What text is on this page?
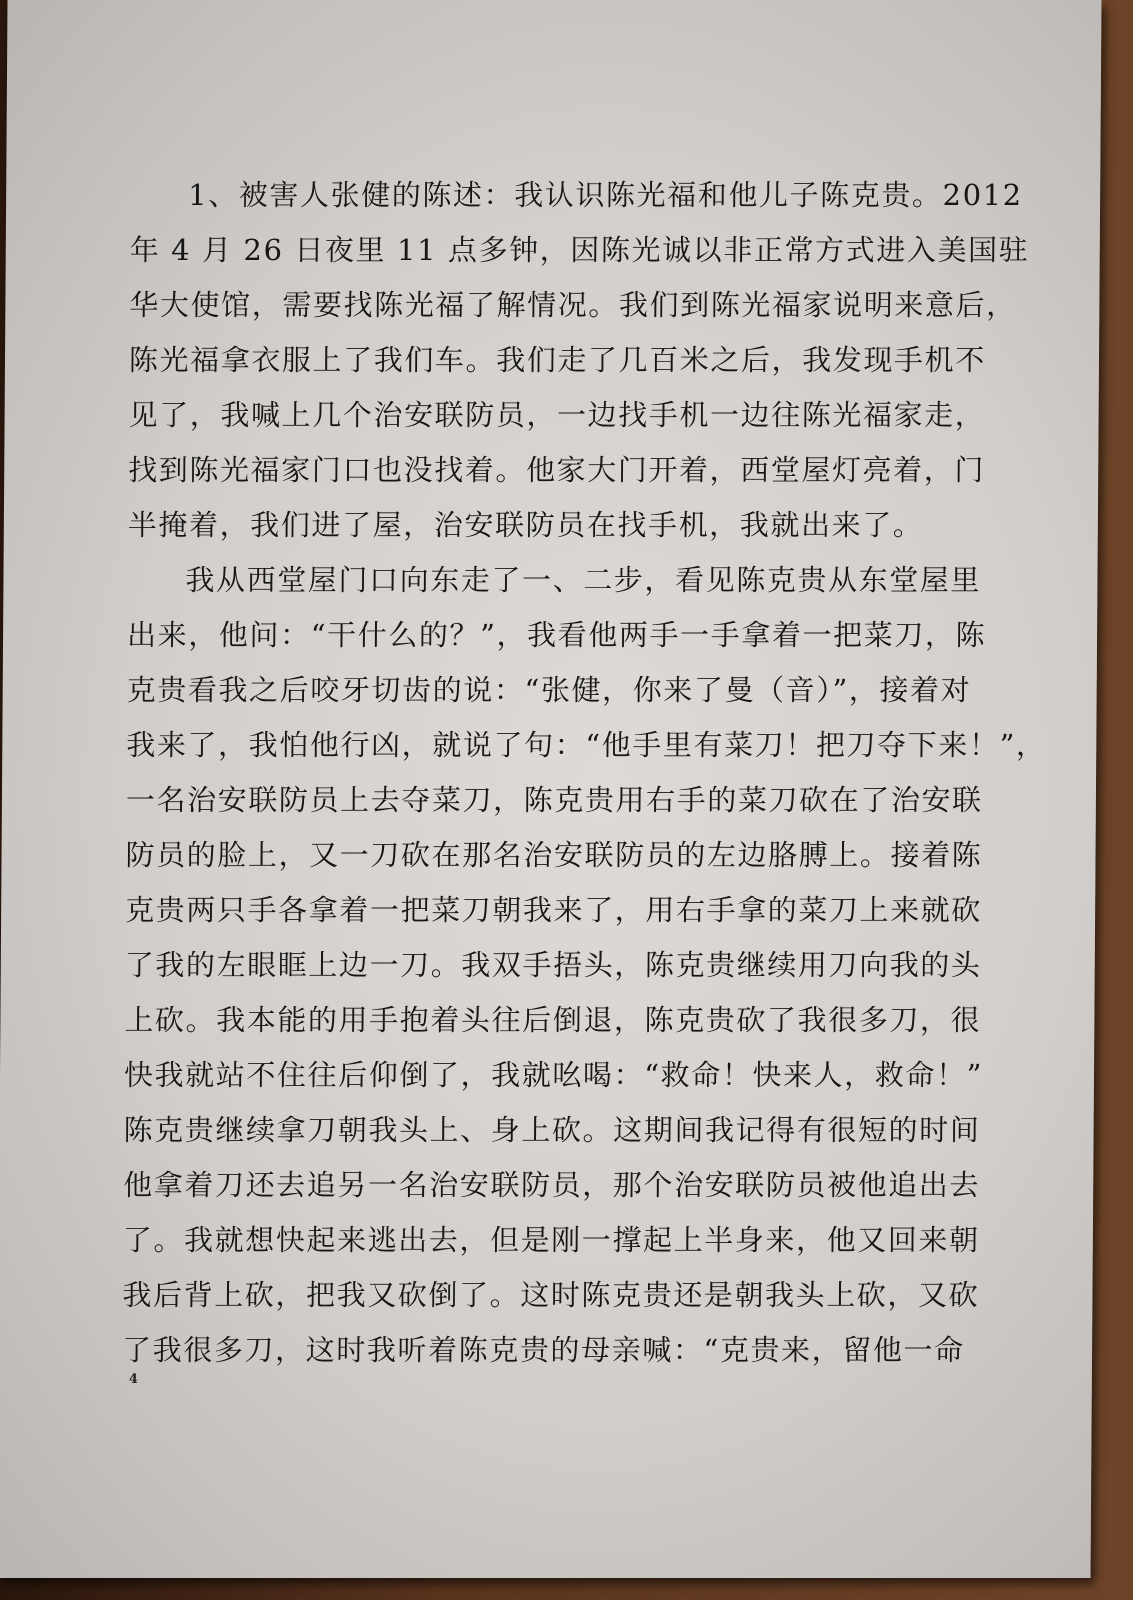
1、被害人张健的陈述：我认识陈光福和他儿子陈克贵。2012
年 4 月 26 日夜里 11 点多钟，因陈光诚以非正常方式进入美国驻
华大使馆，需要找陈光福了解情况。我们到陈光福家说明来意后，
陈光福拿衣服上了我们车。我们走了几百米之后，我发现手机不
见了，我喊上几个治安联防员，一边找手机一边往陈光福家走，
找到陈光福家门口也没找着。他家大门开着，西堂屋灯亮着，门
半掩着，我们进了屋，治安联防员在找手机，我就出来了。
我从西堂屋门口向东走了一、二步，看见陈克贵从东堂屋里
出来，他问：“干什么的？”，我看他两手一手拿着一把菜刀，陈
克贵看我之后咬牙切齿的说：“张健，你来了曼（音）”，接着对
我来了，我怕他行凶，就说了句：“他手里有菜刀！把刀夺下来！”，
一名治安联防员上去夺菜刀，陈克贵用右手的菜刀砍在了治安联
防员的脸上，又一刀砍在那名治安联防员的左边胳膊上。接着陈
克贵两只手各拿着一把菜刀朝我来了，用右手拿的菜刀上来就砍
了我的左眼眶上边一刀。我双手捂头，陈克贵继续用刀向我的头
上砍。我本能的用手抱着头往后倒退，陈克贵砍了我很多刀，很
快我就站不住往后仰倒了，我就吆喝：“救命！快来人，救命！”
陈克贵继续拿刀朝我头上、身上砍。这期间我记得有很短的时间
他拿着刀还去追另一名治安联防员，那个治安联防员被他追出去
了。我就想快起来逃出去，但是刚一撑起上半身来，他又回来朝
我后背上砍，把我又砍倒了。这时陈克贵还是朝我头上砍，又砍
了我很多刀，这时我听着陈克贵的母亲喊：“克贵来，留他一命
4
